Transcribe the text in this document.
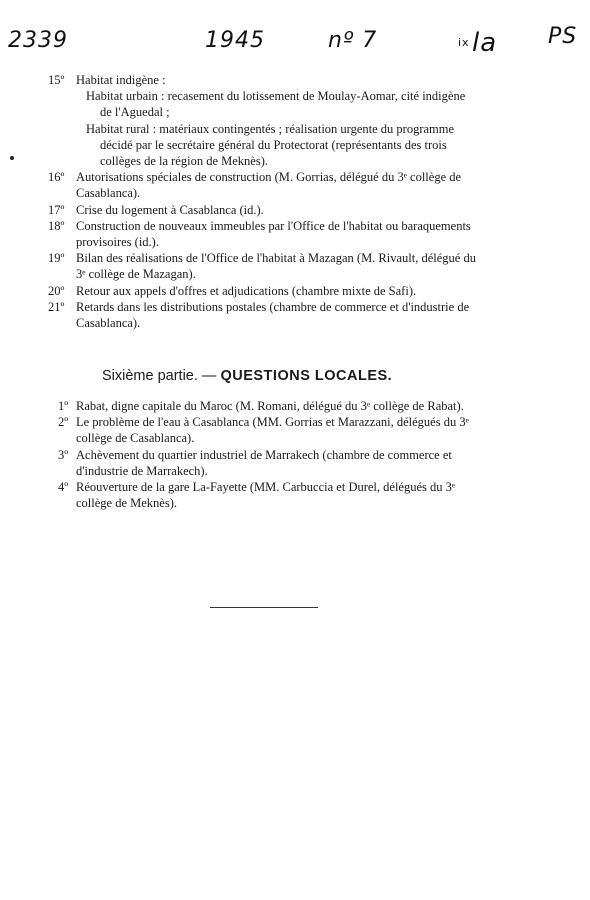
2339	1945	nº 7	ix la PS
15º Habitat indigène :
Habitat urbain : recasement du lotissement de Moulay-Aomar, cité indigène de l'Aguedal ;
Habitat rural : matériaux contingentés ; réalisation urgente du programme décidé par le secrétaire général du Protectorat (représentants des trois collèges de la région de Meknès).
16º Autorisations spéciales de construction (M. Gorrias, délégué du 3ᵉ collège de Casablanca).
17º Crise du logement à Casablanca (id.).
18º Construction de nouveaux immeubles par l'Office de l'habitat ou baraquements provisoires (id.).
19º Bilan des réalisations de l'Office de l'habitat à Mazagan (M. Rivault, délégué du 3ᵉ collège de Mazagan).
20º Retour aux appels d'offres et adjudications (chambre mixte de Safi).
21º Retards dans les distributions postales (chambre de commerce et d'industrie de Casablanca).
Sixième partie. — QUESTIONS LOCALES.
1º Rabat, digne capitale du Maroc (M. Romani, délégué du 3ᵉ collège de Rabat).
2º Le problème de l'eau à Casablanca (MM. Gorrias et Marazzani, délégués du 3ᵉ collège de Casablanca).
3º Achèvement du quartier industriel de Marrakech (chambre de commerce et d'industrie de Marrakech).
4º Réouverture de la gare La-Fayette (MM. Carbuccia et Durel, délégués du 3ᵉ collège de Meknès).
